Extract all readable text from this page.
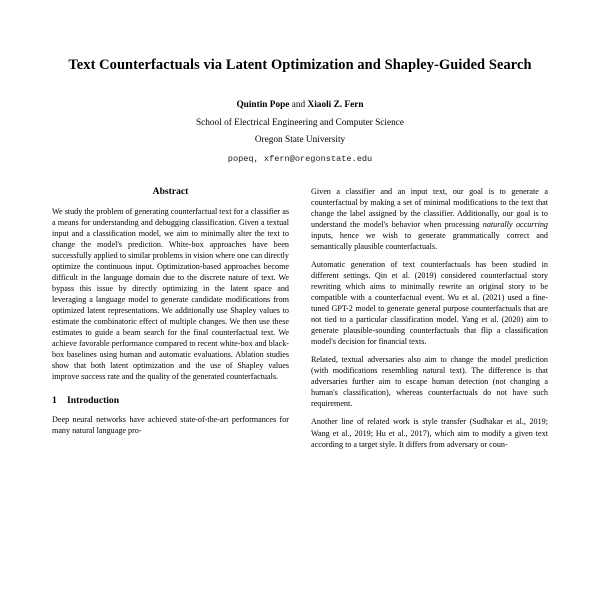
Text Counterfactuals via Latent Optimization and Shapley-Guided Search
Quintin Pope and Xiaoli Z. Fern
School of Electrical Engineering and Computer Science
Oregon State University
popeq, xfern@oregonstate.edu
Abstract

We study the problem of generating counterfactual text for a classifier as a means for understanding and debugging classification. Given a textual input and a classification model, we aim to minimally alter the text to change the model's prediction. White-box approaches have been successfully applied to similar problems in vision where one can directly optimize the continuous input. Optimization-based approaches become difficult in the language domain due to the discrete nature of text. We bypass this issue by directly optimizing in the latent space and leveraging a language model to generate candidate modifications from optimized latent representations. We additionally use Shapley values to estimate the combinatoric effect of multiple changes. We then use these estimates to guide a beam search for the final counterfactual text. We achieve favorable performance compared to recent white-box and black-box baselines using human and automatic evaluations. Ablation studies show that both latent optimization and the use of Shapley values improve success rate and the quality of the generated counterfactuals.

1 Introduction

Deep neural networks have achieved state-of-the-art performances for many natural language pro-

Given a classifier and an input text, our goal is to generate a counterfactual by making a set of minimal modifications to the text that change the label assigned by the classifier. Additionally, our goal is to understand the model's behavior when processing naturally occurring inputs, hence we wish to generate grammatically correct and semantically plausible counterfactuals.

Automatic generation of text counterfactuals has been studied in different settings. Qin et al. (2019) considered counterfactual story rewriting which aims to minimally rewrite an original story to be compatible with a counterfactual event. Wu et al. (2021) used a fine-tuned GPT-2 model to generate general purpose counterfactuals that are not tied to a particular classification model. Yang et al. (2020) aim to generate plausible-sounding counterfactuals that flip a classification model's decision for financial texts.

Related, textual adversaries also aim to change the model prediction (with modifications resembling natural text). The difference is that adversaries further aim to escape human detection (not changing a human's classification), whereas counterfactuals do not have such requirement.

Another line of related work is style transfer (Sudhakar et al., 2019; Wang et al., 2019; Hu et al., 2017), which aim to modify a given text according to a target style. It differs from adversary or coun-
